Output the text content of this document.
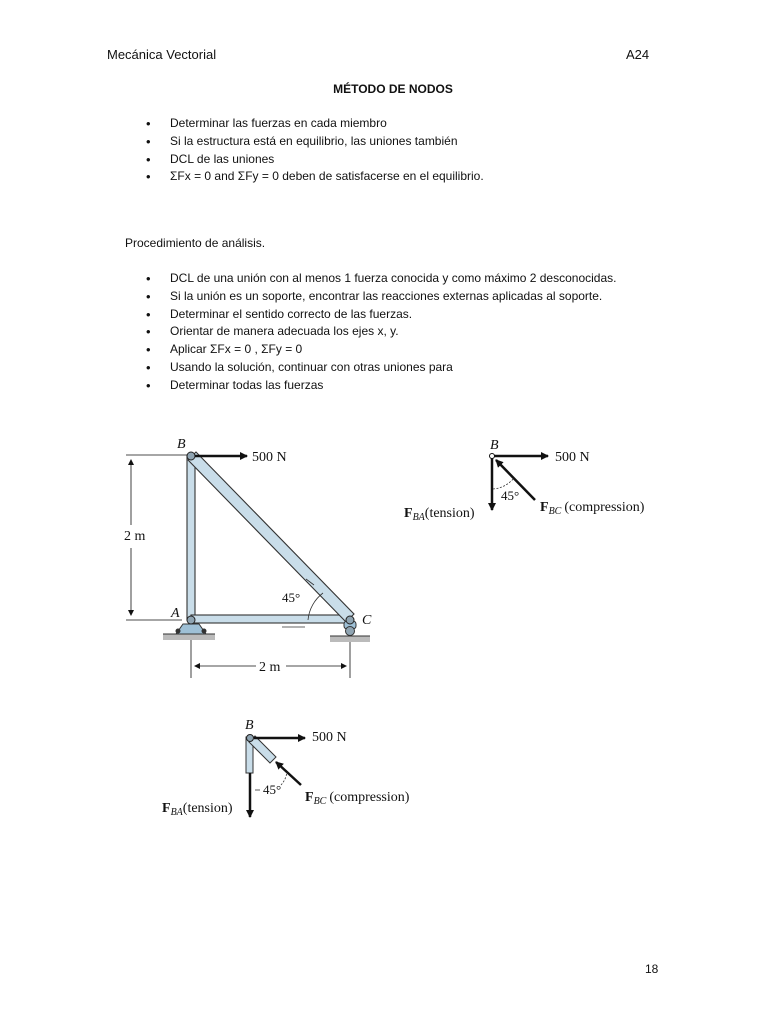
Mecánica Vectorial	A24
MÉTODO DE NODOS
• Determinar las fuerzas en cada miembro
• Si la estructura está en equilibrio, las uniones también
• DCL de las uniones
• ΣFx = 0 and ΣFy = 0 deben de satisfacerse en el equilibrio.
Procedimiento de análisis.
• DCL de una unión con al menos 1 fuerza conocida y como máximo 2 desconocidas.
• Si la unión es un soporte, encontrar las reacciones externas aplicadas al soporte.
• Determinar el sentido correcto de las fuerzas.
• Orientar de manera adecuada los ejes x, y.
• Aplicar ΣFx = 0 , ΣFy = 0
• Usando la solución, continuar con otras uniones para
• Determinar todas las fuerzas
2 m
2 m
45°
500 N
B
A	C
B
500 N
45°
$F_{BA}(tension)$	$F_{BC}$ (compression)
B
500 N
45°
$F_{BA}(tension)$
$F_{BC}$ (compression)
18
